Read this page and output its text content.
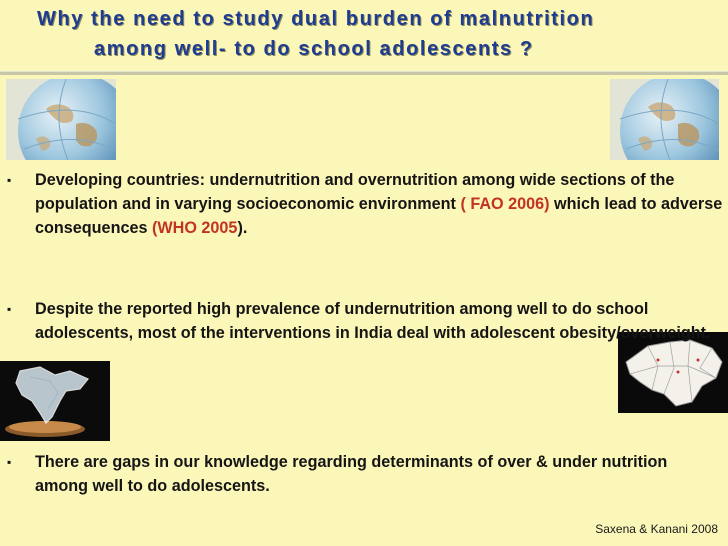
Why the need to study dual burden of malnutrition
among well- to do school adolescents ?
▪ Developing countries: undernutrition and overnutrition among wide sections of the population and in varying socioeconomic environment ( FAO 2006) which lead to adverse consequences (WHO 2005).
▪ Despite the reported high prevalence of undernutrition among well to do school adolescents, most of the interventions in India deal with adolescent obesity/overweight.
▪ There are gaps in our knowledge regarding determinants of over & under nutrition among well to do adolescents.
Saxena & Kanani 2008
